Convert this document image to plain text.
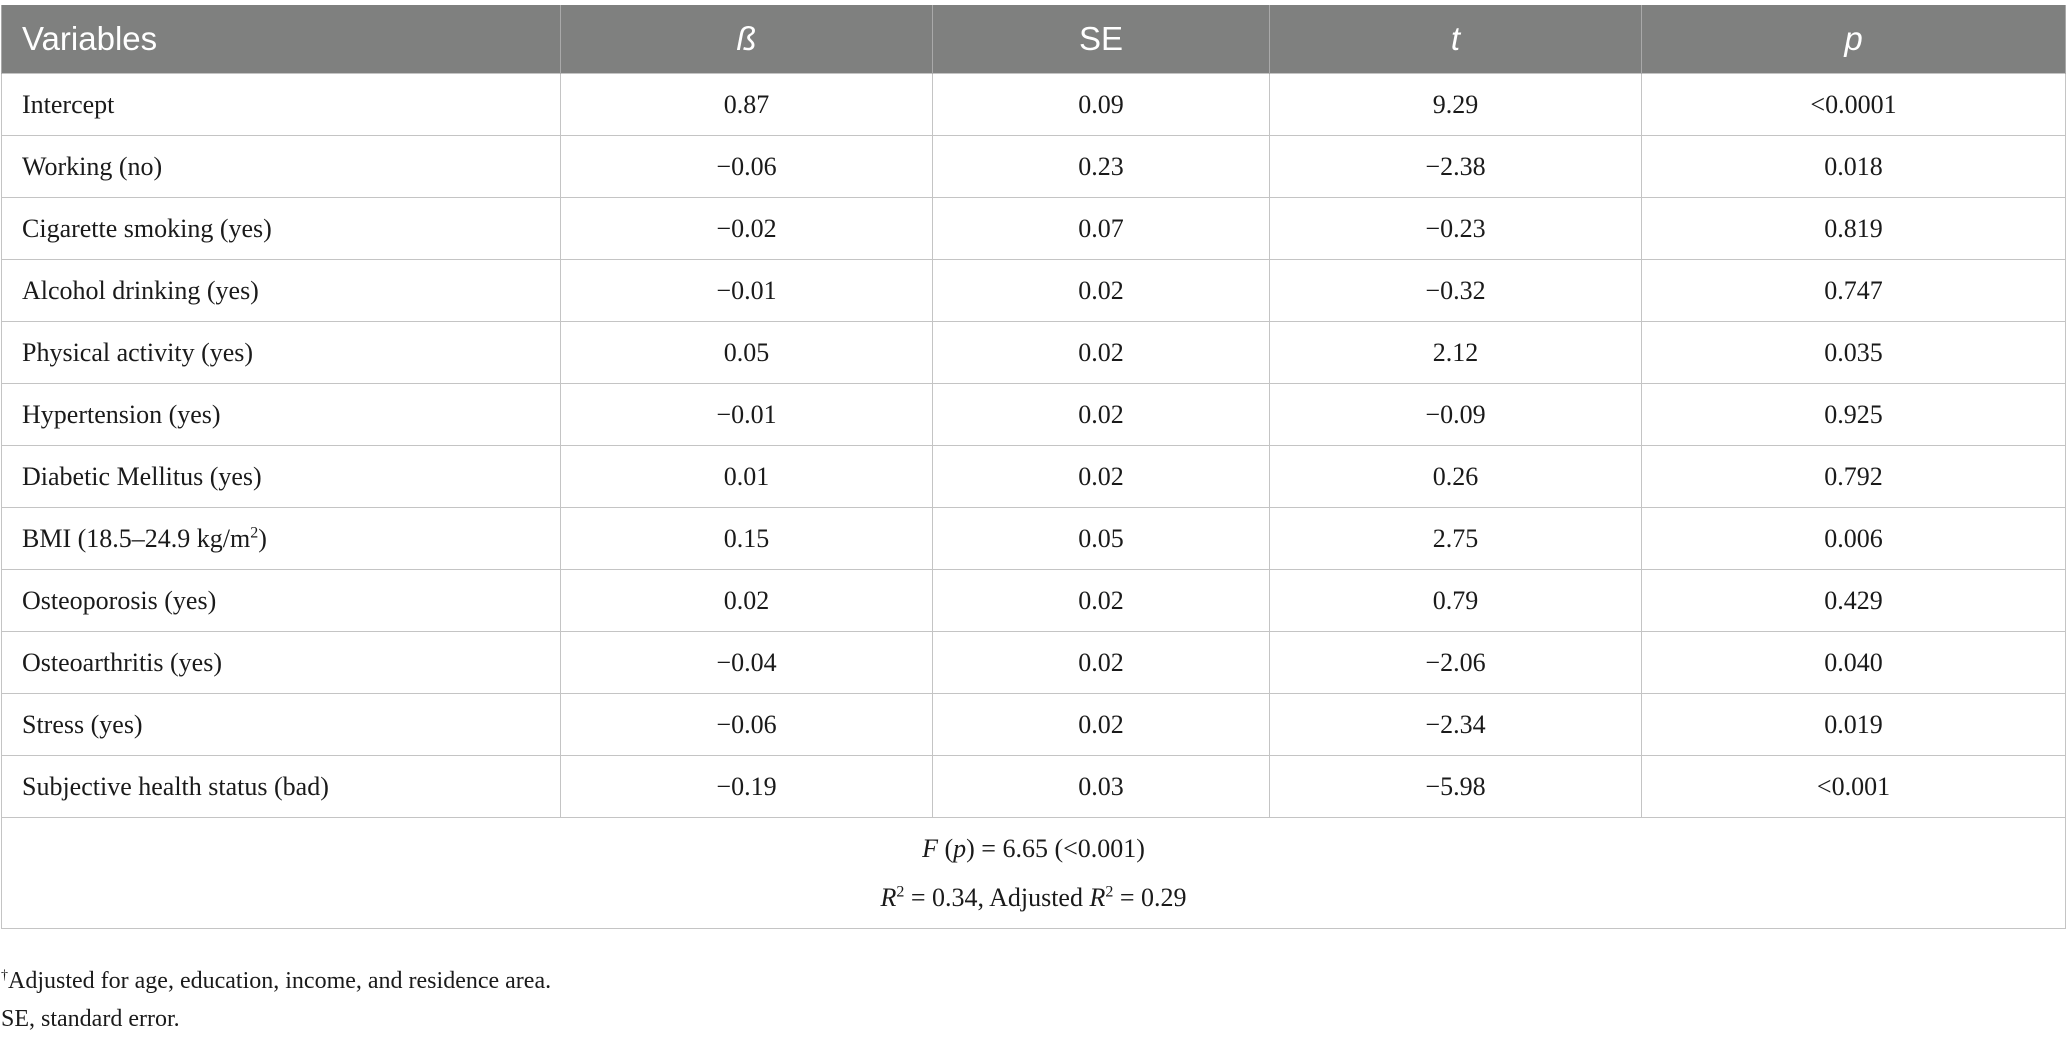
Variables	ß	SE	t	p
Intercept	0.87	0.09	9.29	<0.0001
Working (no)	−0.06	0.23	−2.38	0.018
Cigarette smoking (yes)	−0.02	0.07	−0.23	0.819
Alcohol drinking (yes)	−0.01	0.02	−0.32	0.747
Physical activity (yes)	0.05	0.02	2.12	0.035
Hypertension (yes)	−0.01	0.02	−0.09	0.925
Diabetic Mellitus (yes)	0.01	0.02	0.26	0.792
BMI (18.5–24.9 $kg/m^2$)	0.15	0.05	2.75	0.006
Osteoporosis (yes)	0.02	0.02	0.79	0.429
Osteoarthritis (yes)	−0.04	0.02	−2.06	0.040
Stress (yes)	−0.06	0.02	−2.34	0.019
Subjective health status (bad)	−0.19	0.03	−5.98	<0.001

F (p) = 6.65 (<0.001)
$R^2 = 0.34$, Adjusted $R^2 = 0.29$				
†Adjusted for age, education, income, and residence area.
SE, standard error.
